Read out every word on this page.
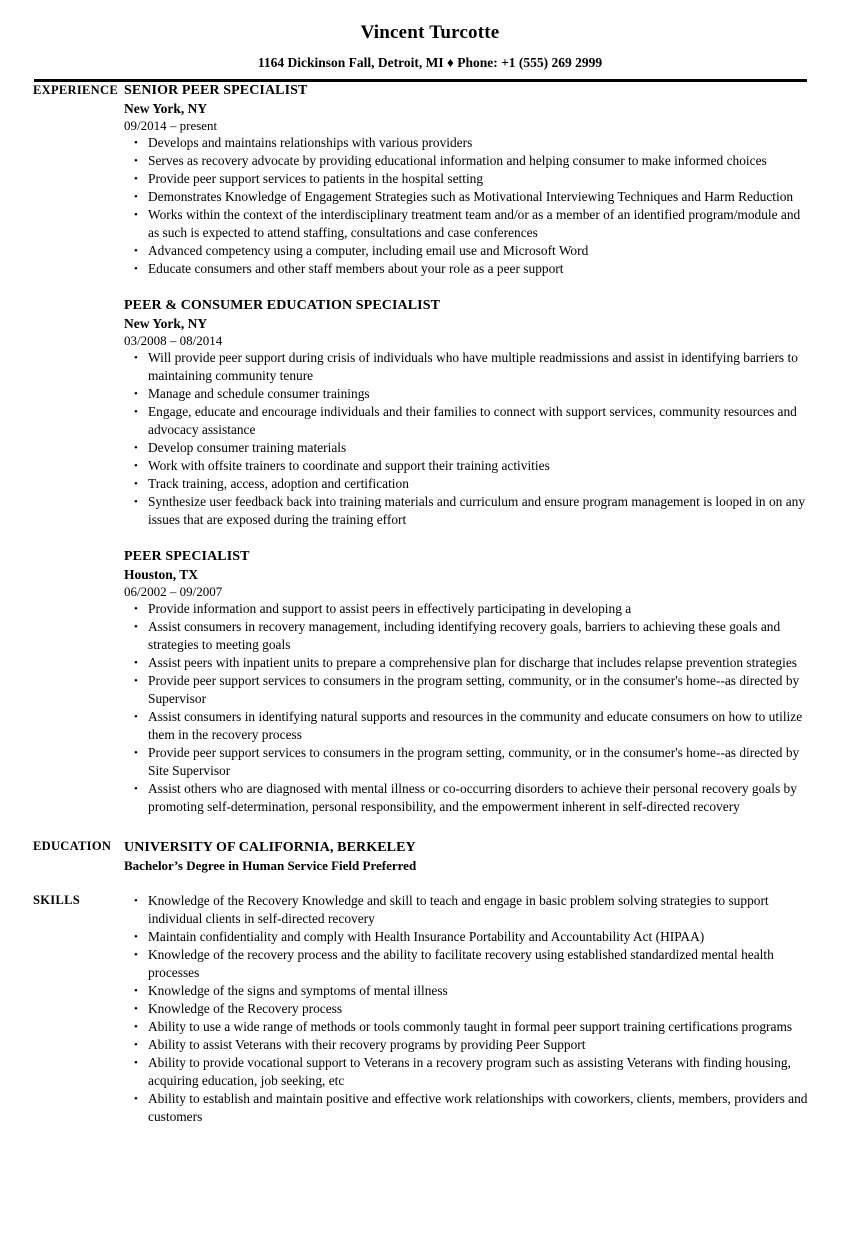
Vincent Turcotte
1164 Dickinson Fall, Detroit, MI ♦ Phone: +1 (555) 269 2999
EXPERIENCE SENIOR PEER SPECIALIST
New York, NY
09/2014 – present
• Develops and maintains relationships with various providers
• Serves as recovery advocate by providing educational information and helping consumer to make informed choices
• Provide peer support services to patients in the hospital setting
• Demonstrates Knowledge of Engagement Strategies such as Motivational Interviewing Techniques and Harm Reduction
• Works within the context of the interdisciplinary treatment team and/or as a member of an identified program/module and as such is expected to attend staffing, consultations and case conferences
• Advanced competency using a computer, including email use and Microsoft Word
• Educate consumers and other staff members about your role as a peer support
PEER & CONSUMER EDUCATION SPECIALIST
New York, NY
03/2008 – 08/2014
• Will provide peer support during crisis of individuals who have multiple readmissions and assist in identifying barriers to maintaining community tenure
• Manage and schedule consumer trainings
• Engage, educate and encourage individuals and their families to connect with support services, community resources and advocacy assistance
• Develop consumer training materials
• Work with offsite trainers to coordinate and support their training activities
• Track training, access, adoption and certification
• Synthesize user feedback back into training materials and curriculum and ensure program management is looped in on any issues that are exposed during the training effort
PEER SPECIALIST
Houston, TX
06/2002 – 09/2007
• Provide information and support to assist peers in effectively participating in developing a
• Assist consumers in recovery management, including identifying recovery goals, barriers to achieving these goals and strategies to meeting goals
• Assist peers with inpatient units to prepare a comprehensive plan for discharge that includes relapse prevention strategies
• Provide peer support services to consumers in the program setting, community, or in the consumer's home--as directed by Supervisor
• Assist consumers in identifying natural supports and resources in the community and educate consumers on how to utilize them in the recovery process
• Provide peer support services to consumers in the program setting, community, or in the consumer's home--as directed by Site Supervisor
• Assist others who are diagnosed with mental illness or co-occurring disorders to achieve their personal recovery goals by promoting self-determination, personal responsibility, and the empowerment inherent in self-directed recovery
EDUCATION UNIVERSITY OF CALIFORNIA, BERKELEY
Bachelor’s Degree in Human Service Field Preferred
SKILLS	• Knowledge of the Recovery Knowledge and skill to teach and engage in basic problem solving strategies to support individual clients in self-directed recovery
• Maintain confidentiality and comply with Health Insurance Portability and Accountability Act (HIPAA)
• Knowledge of the recovery process and the ability to facilitate recovery using established standardized mental health processes
• Knowledge of the signs and symptoms of mental illness
• Knowledge of the Recovery process
• Ability to use a wide range of methods or tools commonly taught in formal peer support training certifications programs
• Ability to assist Veterans with their recovery programs by providing Peer Support
• Ability to provide vocational support to Veterans in a recovery program such as assisting Veterans with finding housing, acquiring education, job seeking, etc
• Ability to establish and maintain positive and effective work relationships with coworkers, clients, members, providers and customers
